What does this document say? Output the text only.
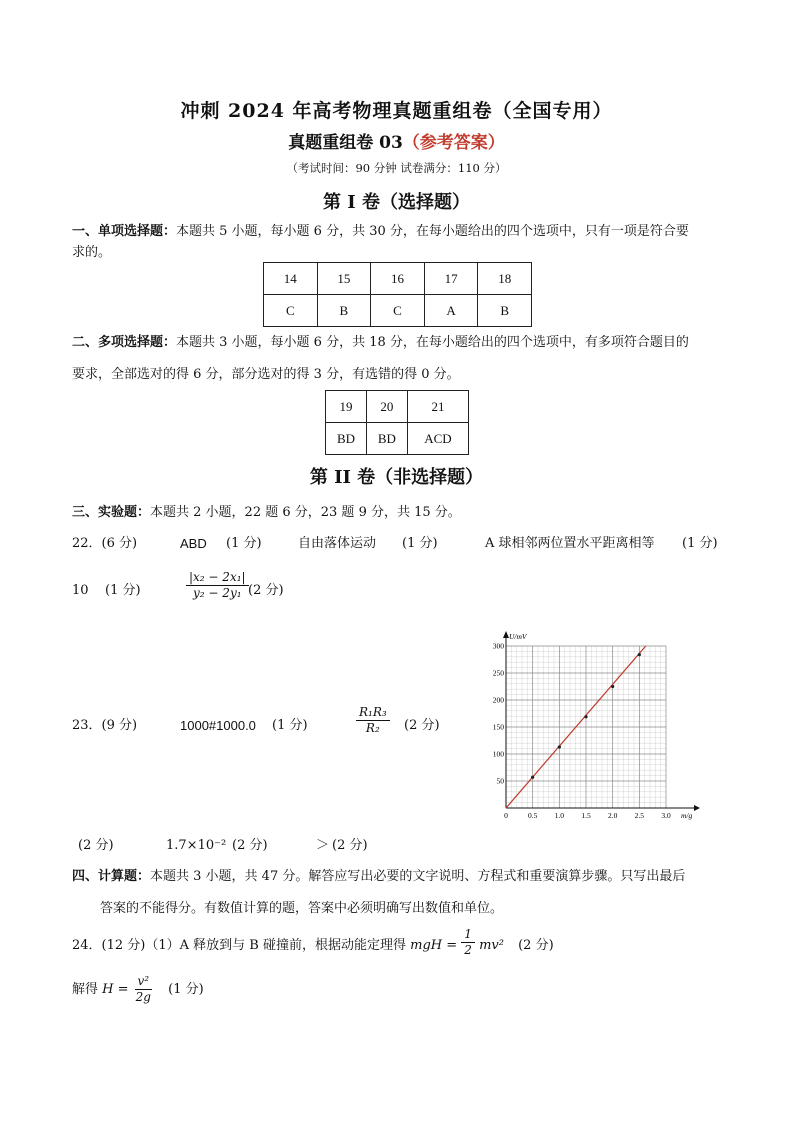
冲刺 2024 年高考物理真题重组卷（全国专用）
真题重组卷 03（参考答案）
（考试时间：90 分钟 试卷满分：110 分）
第 I 卷（选择题）
一、单项选择题：本题共 5 小题，每小题 6 分，共 30 分，在每小题给出的四个选项中，只有一项是符合要
求的。
14	15	16	17	18
C	B	C	A	B
二、多项选择题：本题共 3 小题，每小题 6 分，共 18 分，在每小题给出的四个选项中，有多项符合题目的
要求，全部选对的得 6 分，部分选对的得 3 分，有选错的得 0 分。
19	20	21
BD	BD	ACD
第 II 卷（非选择题）
三、实验题：本题共 2 小题，22 题 6 分，23 题 9 分，共 15 分。
22．(6 分)	ABD (1 分)	自由落体运动 (1 分)	A 球相邻两位置水平距离相等 (1 分)
10 (1 分)	$\frac{\text{|x₂ − 2x₁|}}{\text{y₂ − 2y₁}} (2$ 分)
23．(9 分)	1000#1000.0 (1 分)	$\frac{\text{R₁R₃}}{\text{R₂}} (2$ 分)
U/mV
m/g
0	0.5 1.0 1.5 2.0 2.5 3.0
50
100
150
200
250
300
(2 分)	1.7×10⁻² (2 分)	＞ (2 分)
四、计算题：本题共 3 小题，共 47 分。解答应写出必要的文字说明、方程式和重要演算步骤。只写出最后
答案的不能得分。有数值计算的题，答案中必须明确写出数值和单位。
24．(12 分)（1）A 释放到与 B 碰撞前，根据动能定理得 mgH = $\frac{1}{2} mv^2$ (2 分)
解得 $H = \frac{\text{v²}}{2g} (1$ 分)
